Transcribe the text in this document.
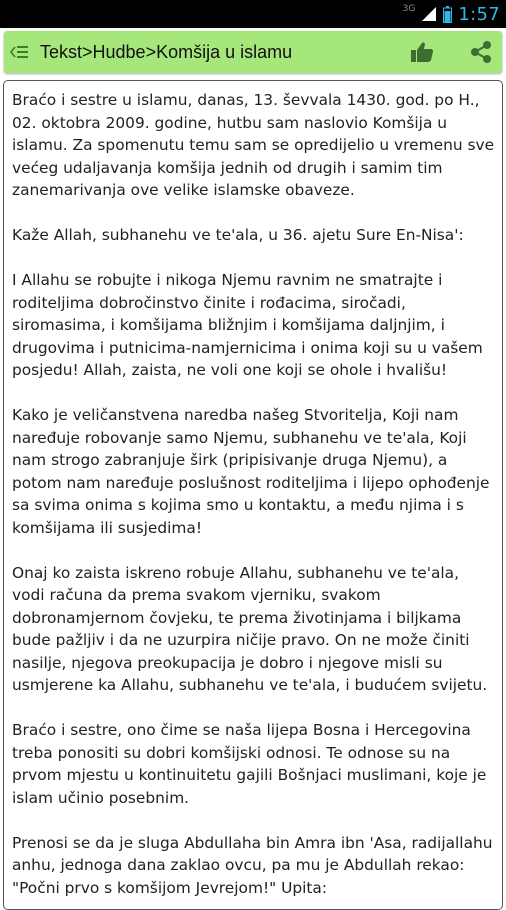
3G 1:57
Tekst>Hudbe>Komšija u islamu

Braćo i sestre u islamu, danas, 13. ševvala 1430. god. po H., 02. oktobra 2009. godine, hutbu sam naslovio Komšija u islamu. Za spomenutu temu sam se opredijelio u vremenu sve većeg udaljavanja komšija jednih od drugih i samim tim zanemarivanja ove velike islamske obaveze.

Kaže Allah, subhanehu ve te'ala, u 36. ajetu Sure En-Nisa':

I Allahu se robujte i nikoga Njemu ravnim ne smatrajte i roditeljima dobročinstvo činite i rođacima, siročadi, siromasima, i komšijama bližnjim i komšijama daljnjim, i drugovima i putnicima-namjernicima i onima koji su u vašem posjedu! Allah, zaista, ne voli one koji se ohole i hvališu!

Kako je veličanstvena naredba našeg Stvoritelja, Koji nam naređuje robovanje samo Njemu, subhanehu ve te'ala, Koji nam strogo zabranjuje širk (pripisivanje druga Njemu), a potom nam naređuje poslušnost roditeljima i lijepo ophođenje sa svima onima s kojima smo u kontaktu, a među njima i s komšijama ili susjedima!

Onaj ko zaista iskreno robuje Allahu, subhanehu ve te'ala, vodi računa da prema svakom vjerniku, svakom dobronamjernom čovjeku, te prema životinjama i biljkama bude pažljiv i da ne uzurpira ničije pravo. On ne može činiti nasilje, njegova preokupacija je dobro i njegove misli su usmjerene ka Allahu, subhanehu ve te'ala, i budućem svijetu.

Braćo i sestre, ono čime se naša lijepa Bosna i Hercegovina treba ponositi su dobri komšijski odnosi. Te odnose su na prvom mjestu u kontinuitetu gajili Bošnjaci muslimani, koje je islam učinio posebnim.

Prenosi se da je sluga Abdullaha bin Amra ibn 'Asa, radijallahu anhu, jednoga dana zaklao ovcu, pa mu je Abdullah rekao: "Počni prvo s komšijom Jevrejom!" Upita:
